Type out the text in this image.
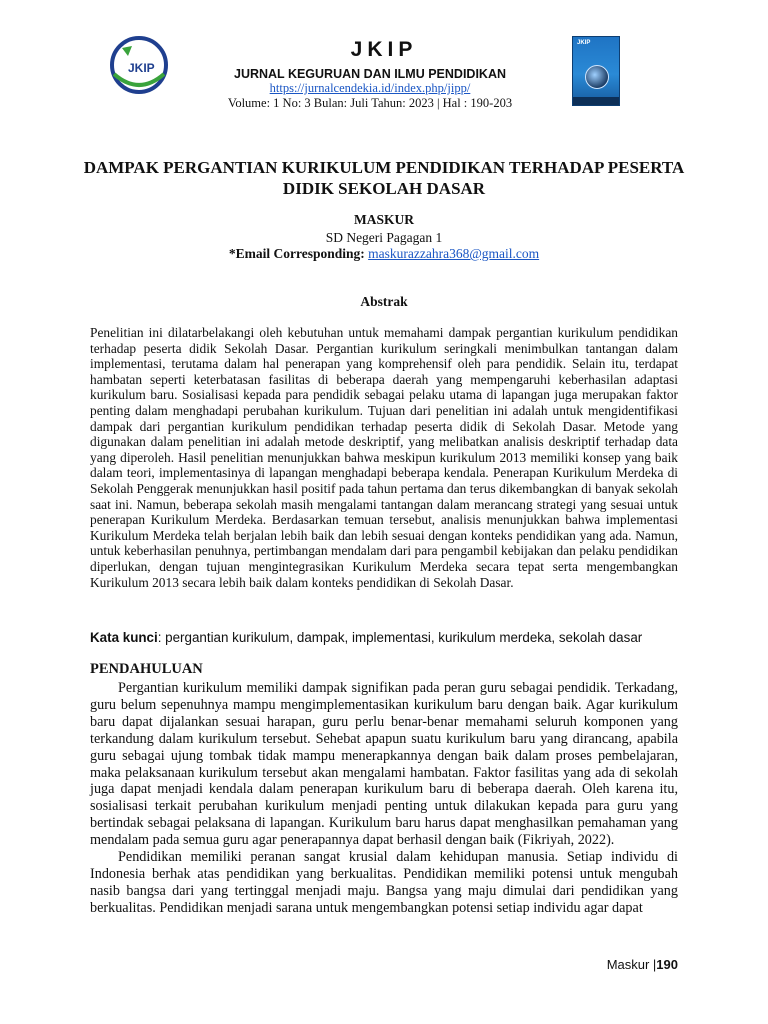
JKIP
JKIP
JURNAL KEGURUAN DAN ILMU PENDIDIKAN
https://jurnalcendekia.id/index.php/jipp/
Volume: 1 No: 3 Bulan: Juli Tahun: 2023 | Hal : 190-203
JKIP
DAMPAK PERGANTIAN KURIKULUM PENDIDIKAN TERHADAP PESERTA DIDIK SEKOLAH DASAR
MASKUR
SD Negeri Pagagan 1
*Email Corresponding: maskurazzahra368@gmail.com
Abstrak

Penelitian ini dilatarbelakangi oleh kebutuhan untuk memahami dampak pergantian kurikulum pendidikan terhadap peserta didik Sekolah Dasar. Pergantian kurikulum seringkali menimbulkan tantangan dalam implementasi, terutama dalam hal penerapan yang komprehensif oleh para pendidik. Selain itu, terdapat hambatan seperti keterbatasan fasilitas di beberapa daerah yang mempengaruhi keberhasilan adaptasi kurikulum baru. Sosialisasi kepada para pendidik sebagai pelaku utama di lapangan juga merupakan faktor penting dalam menghadapi perubahan kurikulum. Tujuan dari penelitian ini adalah untuk mengidentifikasi dampak dari pergantian kurikulum pendidikan terhadap peserta didik di Sekolah Dasar. Metode yang digunakan dalam penelitian ini adalah metode deskriptif, yang melibatkan analisis deskriptif terhadap data yang diperoleh. Hasil penelitian menunjukkan bahwa meskipun kurikulum 2013 memiliki konsep yang baik dalam teori, implementasinya di lapangan menghadapi beberapa kendala. Penerapan Kurikulum Merdeka di Sekolah Penggerak menunjukkan hasil positif pada tahun pertama dan terus dikembangkan di banyak sekolah saat ini. Namun, beberapa sekolah masih mengalami tantangan dalam merancang strategi yang sesuai untuk penerapan Kurikulum Merdeka. Berdasarkan temuan tersebut, analisis menunjukkan bahwa implementasi Kurikulum Merdeka telah berjalan lebih baik dan lebih sesuai dengan konteks pendidikan yang ada. Namun, untuk keberhasilan penuhnya, pertimbangan mendalam dari para pengambil kebijakan dan pelaku pendidikan diperlukan, dengan tujuan mengintegrasikan Kurikulum Merdeka secara tepat serta mengembangkan Kurikulum 2013 secara lebih baik dalam konteks pendidikan di Sekolah Dasar.

Kata kunci: pergantian kurikulum, dampak, implementasi, kurikulum merdeka, sekolah dasar
PENDAHULUAN

Pergantian kurikulum memiliki dampak signifikan pada peran guru sebagai pendidik. Terkadang, guru belum sepenuhnya mampu mengimplementasikan kurikulum baru dengan baik. Agar kurikulum baru dapat dijalankan sesuai harapan, guru perlu benar-benar memahami seluruh komponen yang terkandung dalam kurikulum tersebut. Sehebat apapun suatu kurikulum baru yang dirancang, apabila guru sebagai ujung tombak tidak mampu menerapkannya dengan baik dalam proses pembelajaran, maka pelaksanaan kurikulum tersebut akan mengalami hambatan. Faktor fasilitas yang ada di sekolah juga dapat menjadi kendala dalam penerapan kurikulum baru di beberapa daerah. Oleh karena itu, sosialisasi terkait perubahan kurikulum menjadi penting untuk dilakukan kepada para guru yang bertindak sebagai pelaksana di lapangan. Kurikulum baru harus dapat menghasilkan pemahaman yang mendalam pada semua guru agar penerapannya dapat berhasil dengan baik (Fikriyah, 2022).

Pendidikan memiliki peranan sangat krusial dalam kehidupan manusia. Setiap individu di Indonesia berhak atas pendidikan yang berkualitas. Pendidikan memiliki potensi untuk mengubah nasib bangsa dari yang tertinggal menjadi maju. Bangsa yang maju dimulai dari pendidikan yang berkualitas. Pendidikan menjadi sarana untuk mengembangkan potensi setiap individu agar dapat

Maskur |190
